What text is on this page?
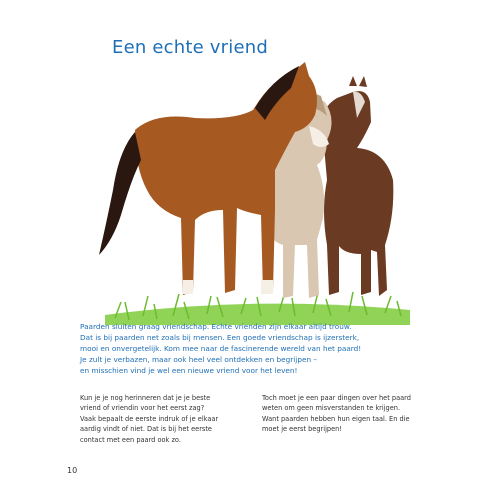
Een echte vriend
Paarden sluiten graag vriendschap. Echte vrienden zijn elkaar altijd trouw.
Dat is bij paarden net zoals bij mensen. Een goede vriendschap is ijzersterk,
mooi en onvergetelijk. Kom mee naar de fascinerende wereld van het paard!
Je zult je verbazen, maar ook heel veel ontdekken en begrijpen –
en misschien vind je wel een nieuwe vriend voor het leven!
Kun je je nog herinneren dat je je beste
vriend of vriendin voor het eerst zag?
Vaak bepaalt de eerste indruk of je elkaar
aardig vindt of niet. Dat is bij het eerste
contact met een paard ook zo.
Toch moet je een paar dingen over het paard
weten om geen misverstanden te krijgen.
Want paarden hebben hun eigen taal. En die
moet je eerst begrijpen!
10
